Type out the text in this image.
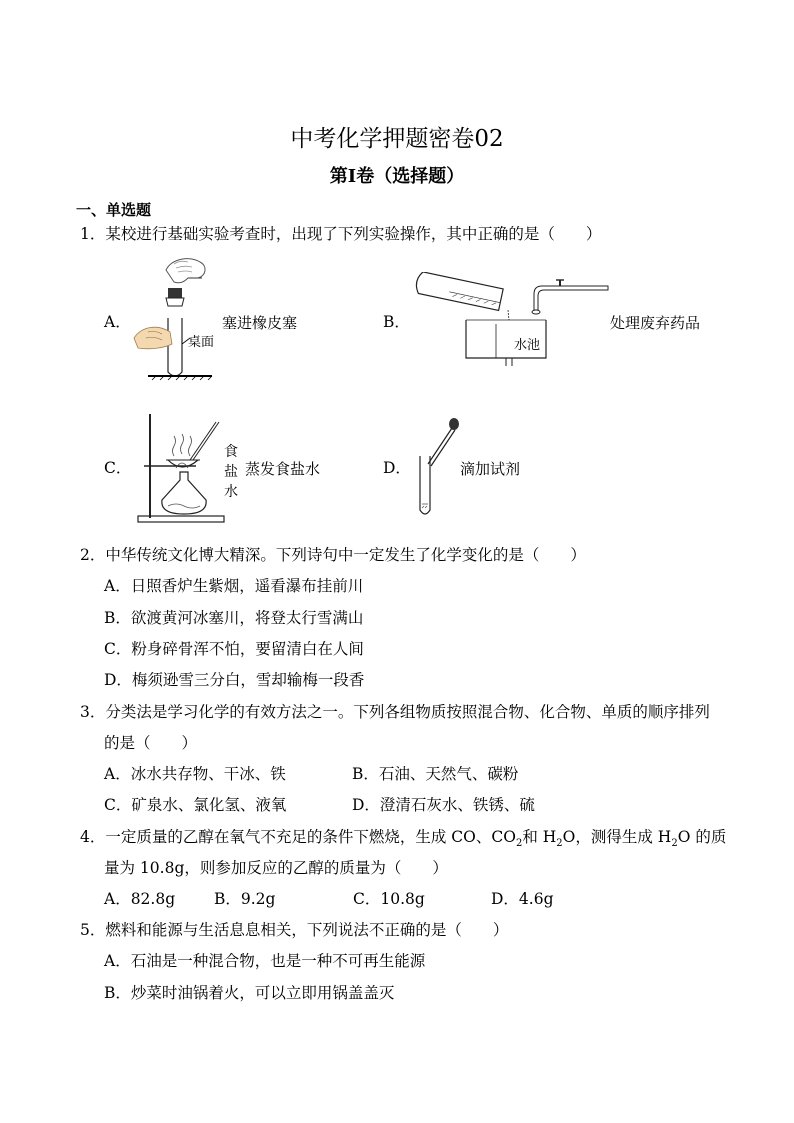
中考化学押题密卷02
第I卷（选择题）
一、单选题
1．某校进行基础实验考查时，出现了下列实验操作，其中正确的是（　　）
A．
桌面
塞进橡皮塞	B．
水池
处理废弃药品
C．
食
盐
水
蒸发食盐水	D．	滴加试剂
2．中华传统文化博大精深。下列诗句中一定发生了化学变化的是（　　）
A．日照香炉生紫烟，遥看瀑布挂前川
B．欲渡黄河冰塞川，将登太行雪满山
C．粉身碎骨浑不怕，要留清白在人间
D．梅须逊雪三分白，雪却输梅一段香
3．分类法是学习化学的有效方法之一。下列各组物质按照混合物、化合物、单质的顺序排列
的是（　　）
A．冰水共存物、干冰、铁	B．石油、天然气、碳粉
C．矿泉水、氯化氢、液氧	D．澄清石灰水、铁锈、硫
4．一定质量的乙醇在氧气不充足的条件下燃烧，生成 CO、$CO_2$和 $H_2O$，测得生成 $H_2O$ 的质
量为 10.8g，则参加反应的乙醇的质量为（　　）
A．82.8g	B．9.2g	C．10.8g	D．4.6g
5．燃料和能源与生活息息相关，下列说法不正确的是（　　）
A．石油是一种混合物，也是一种不可再生能源
B．炒菜时油锅着火，可以立即用锅盖盖灭
